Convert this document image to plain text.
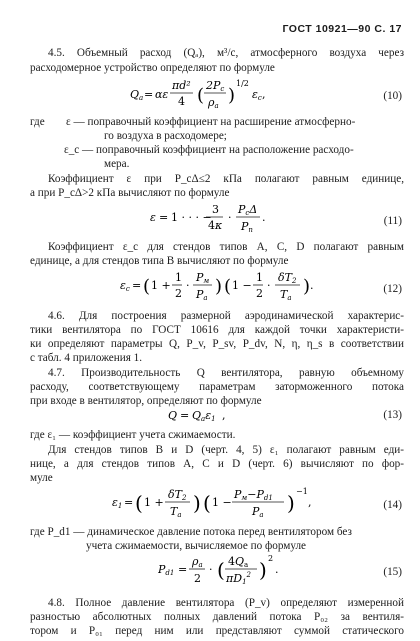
ГОСТ 10921—90 С. 17
4.5. Объемный расход (Qₐ), м³/с, атмосферного воздуха через
расходомерное устройство определяют по формуле
Qa = αε
πd²
4 ( 2Pc
ρa )
1/2
εc ,	(10)
где ε — поправочный коэффициент на расширение атмосферно-
го воздуха в расходомере;
ε_c — поправочный коэффициент на расположение расходо-
мера.
Коэффициент ε при P_cΔ≤2 кПа полагают равным единице,
а при P_cΔ>2 кПа вычисляют по формуле
ε = 1 · · · −
3
4κ
·
PcΔ
Pn
.	(11)
Коэффициент ε_c для стендов типов А, С, D полагают равным
единице, а для стендов типа В вычисляют по формуле
εc = ( 1 +
1
2
·
Pм
Pa
) ( 1 −
1
2
·
δT2
Ta
) .	(12)
4.6. Для построения размерной аэродинамической характерис-
тики вентилятора по ГОСТ 10616 для каждой точки характеристи-
ки определяют параметры Q, P_v, P_sv, P_dv, N, η, η_s в соответствии
с табл. 4 приложения 1.
4.7. Производительность Q вентилятора, равную объемному
расходу, соответствующему параметрам заторможенного потока
при входе в вентилятор, определяют по формуле
Q = Qaε1 ,	(13)
где ε₁ — коэффициент учета сжимаемости.
Для стендов типов В и D (черт. 4, 5) ε₁ полагают равным еди-
нице, а для стендов типов А, С и D (черт. 6) вычисляют по фор-
муле
ε1 = ( 1 +
δT2
Ta ) ( 1 −
Pм−Pd1
Pa ) −1
,	(14)
где P_d1 — динамическое давление потока перед вентилятором без
учета сжимаемости, вычисляемое по формуле
Pd1 =
ρa
2
· ( 4Qa
$\pi D1^2$ ) 2
.	(15)
4.8. Полное давление вентилятора (P_v) определяют измеренной
разностью абсолютных полных давлений потока P₀₂ за вентиля-
тором и P₀₁ перед ним или представляют суммой статического
